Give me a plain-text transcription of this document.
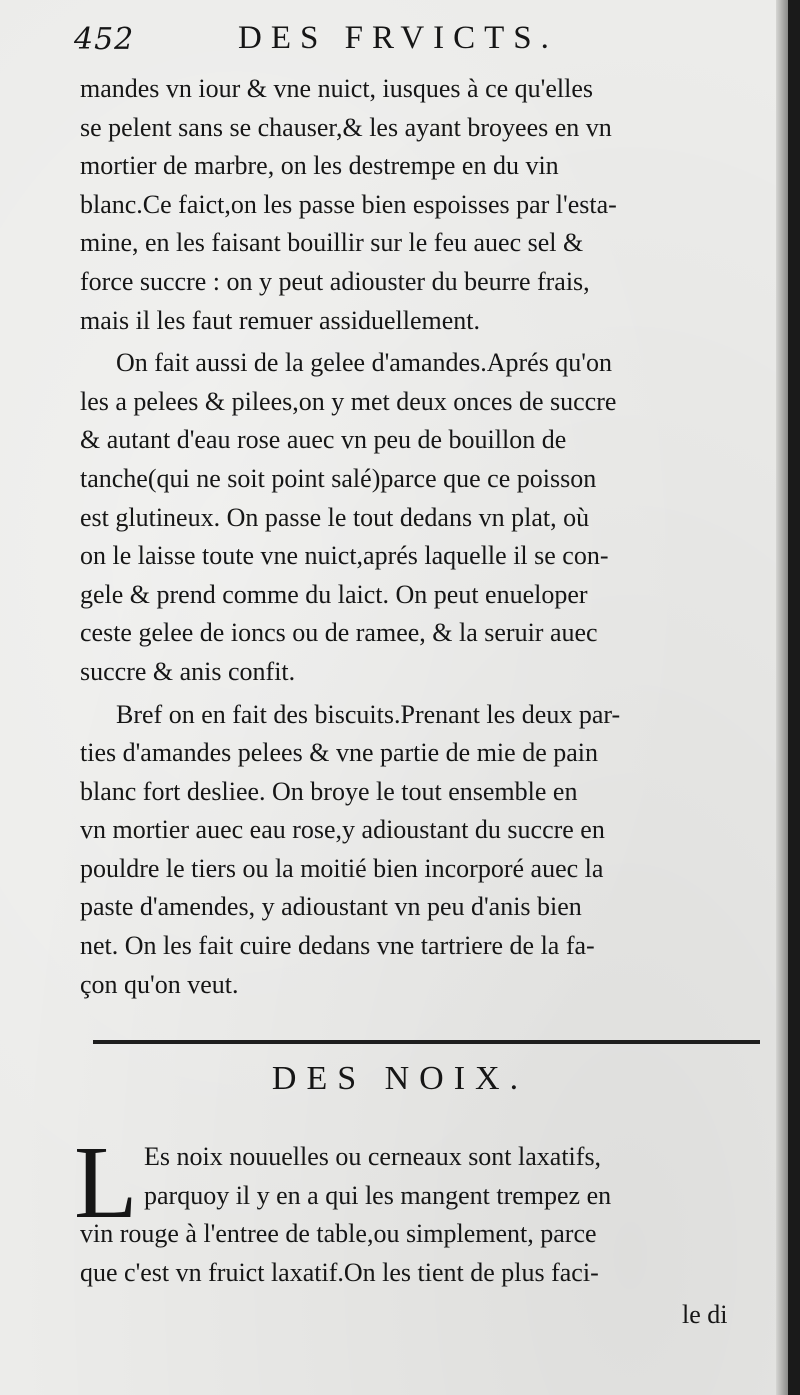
452	DES FRVICTS.
mandes vn iour & vne nuict, iusques à ce qu'elles
se pelent sans se chauser,& les ayant broyees en vn
mortier de marbre, on les destrempe en du vin
blanc.Ce faict,on les passe bien espoisses par l'esta-
mine, en les faisant bouillir sur le feu auec sel &
force succre : on y peut adiouster du beurre frais,
mais il les faut remuer assiduellement.
On fait aussi de la gelee d'amandes.Aprés qu'on
les a pelees & pilees,on y met deux onces de succre
& autant d'eau rose auec vn peu de bouillon de
tanche(qui ne soit point salé)parce que ce poisson
est glutineux. On passe le tout dedans vn plat, où
on le laisse toute vne nuict,aprés laquelle il se con-
gele & prend comme du laict. On peut enueloper
ceste gelee de ioncs ou de ramee, & la seruir auec
succre & anis confit.
Bref on en fait des biscuits.Prenant les deux par-
ties d'amandes pelees & vne partie de mie de pain
blanc fort desliee. On broye le tout ensemble en
vn mortier auec eau rose,y adioustant du succre en
pouldre le tiers ou la moitié bien incorporé auec la
paste d'amendes, y adioustant vn peu d'anis bien
net. On les fait cuire dedans vne tartriere de la fa-
çon qu'on veut.
DES NOIX.
L Es noix nouuelles ou cerneaux sont laxatifs,
parquoy il y en a qui les mangent trempez en
vin rouge à l'entree de table,ou simplement, parce
que c'est vn fruict laxatif.On les tient de plus faci-
le di
